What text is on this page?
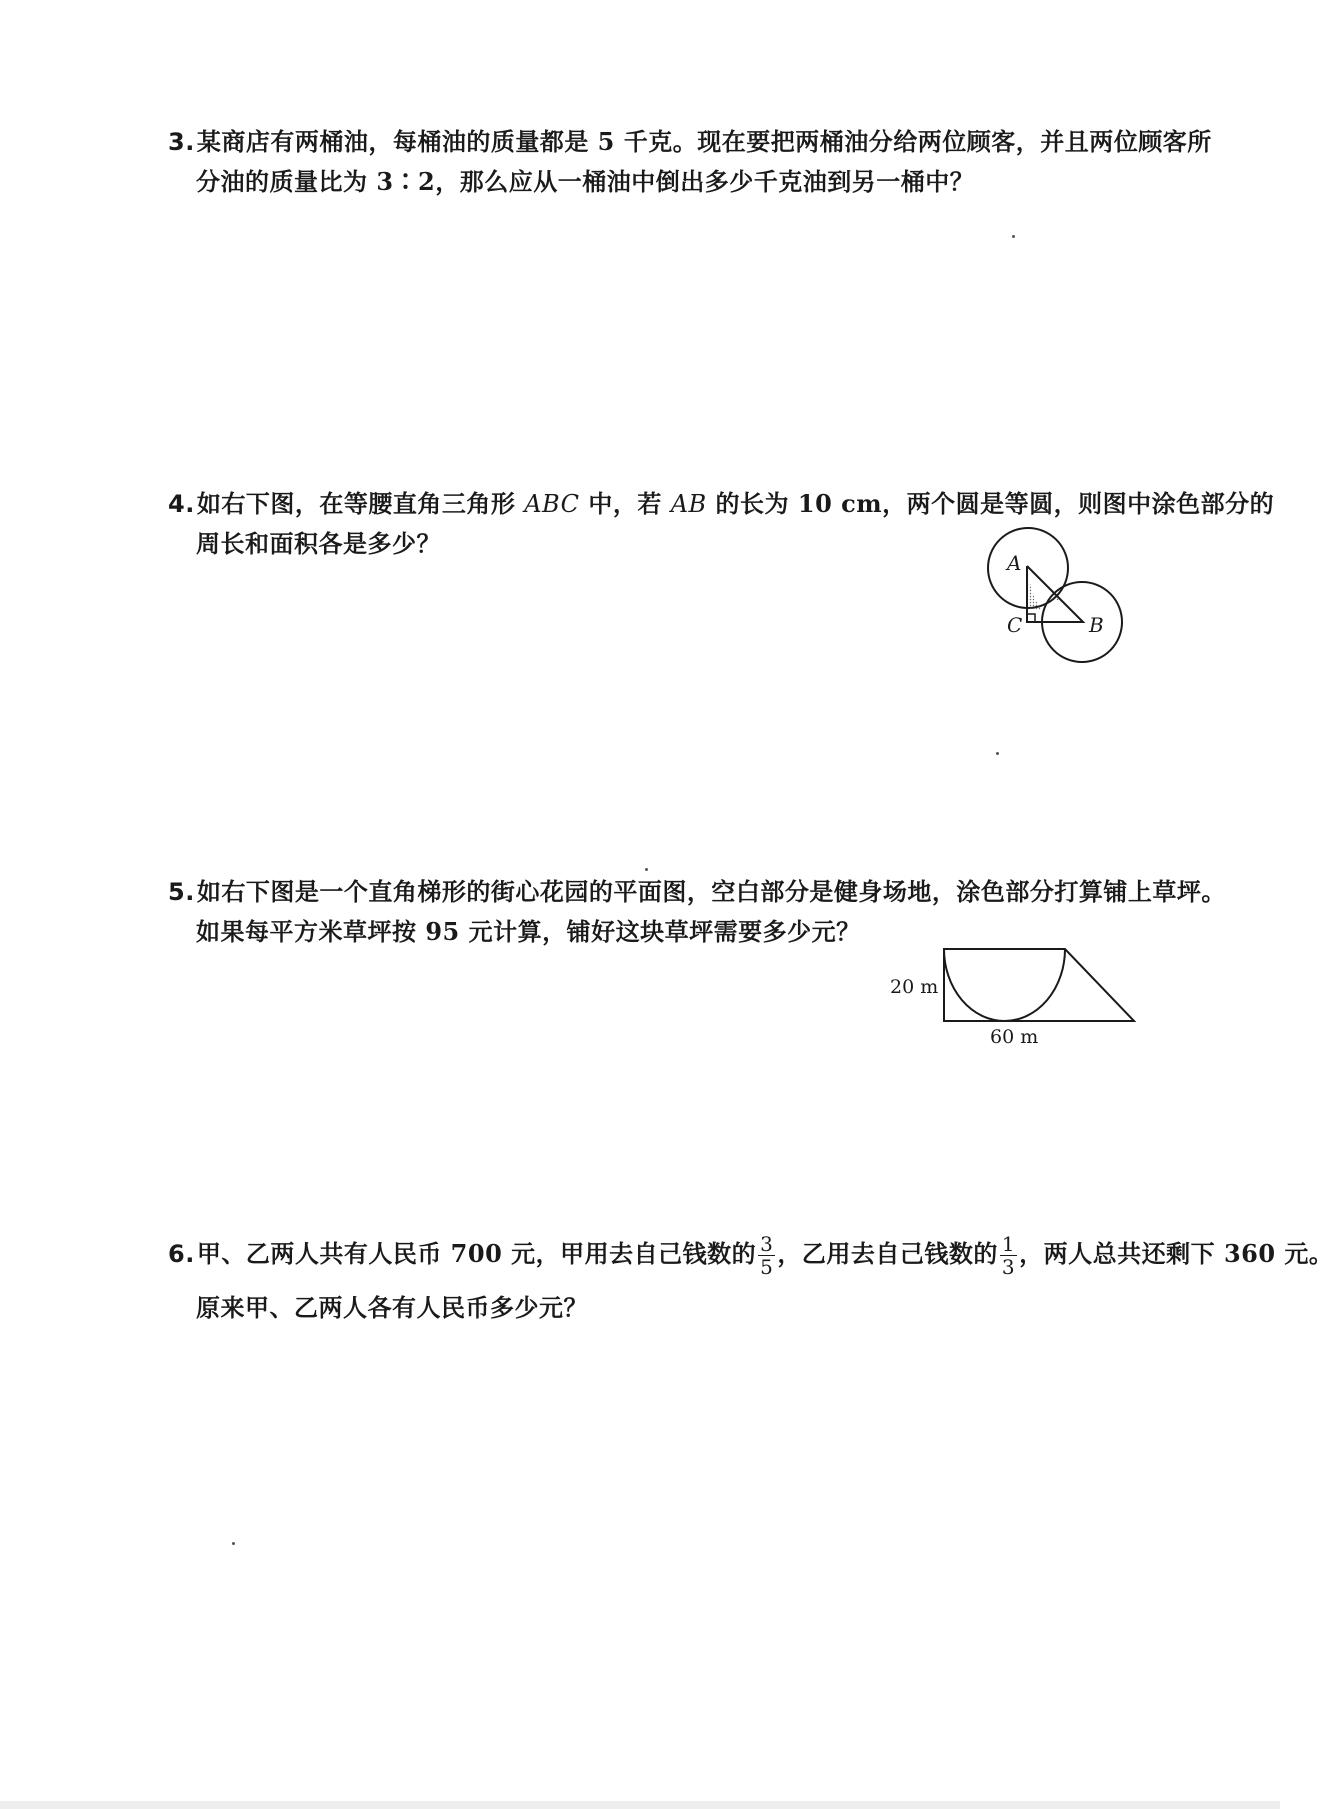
3.某商店有两桶油，每桶油的质量都是 5 千克。现在要把两桶油分给两位顾客，并且两位顾客所
分油的质量比为 3∶2，那么应从一桶油中倒出多少千克油到另一桶中？
4.如右下图，在等腰直角三角形 ABC 中，若 AB 的长为 10 cm，两个圆是等圆，则图中涂色部分的
周长和面积各是多少？
A
C	B
5.如右下图是一个直角梯形的街心花园的平面图，空白部分是健身场地，涂色部分打算铺上草坪。
如果每平方米草坪按 95 元计算，铺好这块草坪需要多少元？
20 m
60 m
6.甲、乙两人共有人民币 700 元，甲用去自己钱数的 $\frac{3}{5}$ ，乙用去自己钱数的 $\frac{1}{3}$ ，两人总共还剩下 360 元。
原来甲、乙两人各有人民币多少元？
